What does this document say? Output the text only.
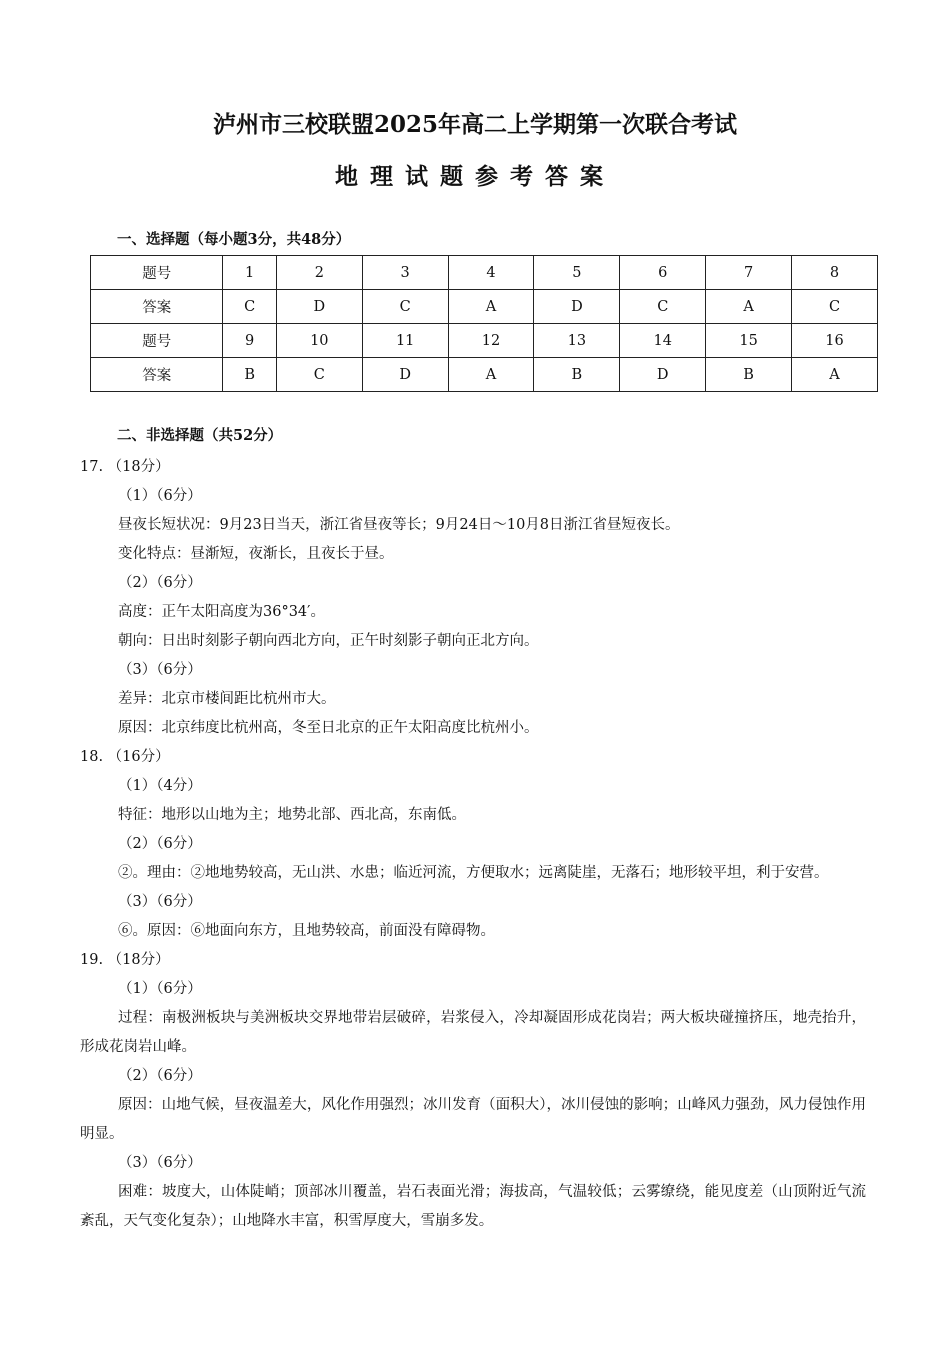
泸州市三校联盟2025年高二上学期第一次联合考试
地理试题参考答案

一、选择题（每小题3分，共48分）

题号	1	2	3	4	5	6	7	8
答案	C	D	C	A	D	C	A	C
题号	9	10	11	12	13	14	15	16
答案	B	C	D	A	B	D	B	A

二、非选择题（共52分）

17. （18分）

（1）（6分）

昼夜长短状况：9月23日当天，浙江省昼夜等长；9月24日～10月8日浙江省昼短夜长。

变化特点：昼渐短，夜渐长，且夜长于昼。

（2）（6分）

高度：正午太阳高度为36°34′。

朝向：日出时刻影子朝向西北方向，正午时刻影子朝向正北方向。

（3）（6分）

差异：北京市楼间距比杭州市大。

原因：北京纬度比杭州高，冬至日北京的正午太阳高度比杭州小。

18. （16分）

（1）（4分）

特征：地形以山地为主；地势北部、西北高，东南低。

（2）（6分）

②。理由：②地地势较高，无山洪、水患；临近河流，方便取水；远离陡崖，无落石；地形较平坦，利于安营。

（3）（6分）

⑥。原因：⑥地面向东方，且地势较高，前面没有障碍物。

19. （18分）

（1）（6分）

过程：南极洲板块与美洲板块交界地带岩层破碎，岩浆侵入，冷却凝固形成花岗岩；两大板块碰撞挤压，地壳抬升，形成花岗岩山峰。

（2）（6分）

原因：山地气候，昼夜温差大，风化作用强烈；冰川发育（面积大），冰川侵蚀的影响；山峰风力强劲，风力侵蚀作用明显。

（3）（6分）

困难：坡度大，山体陡峭；顶部冰川覆盖，岩石表面光滑；海拔高，气温较低；云雾缭绕，能见度差（山顶附近气流紊乱，天气变化复杂）；山地降水丰富，积雪厚度大，雪崩多发。
